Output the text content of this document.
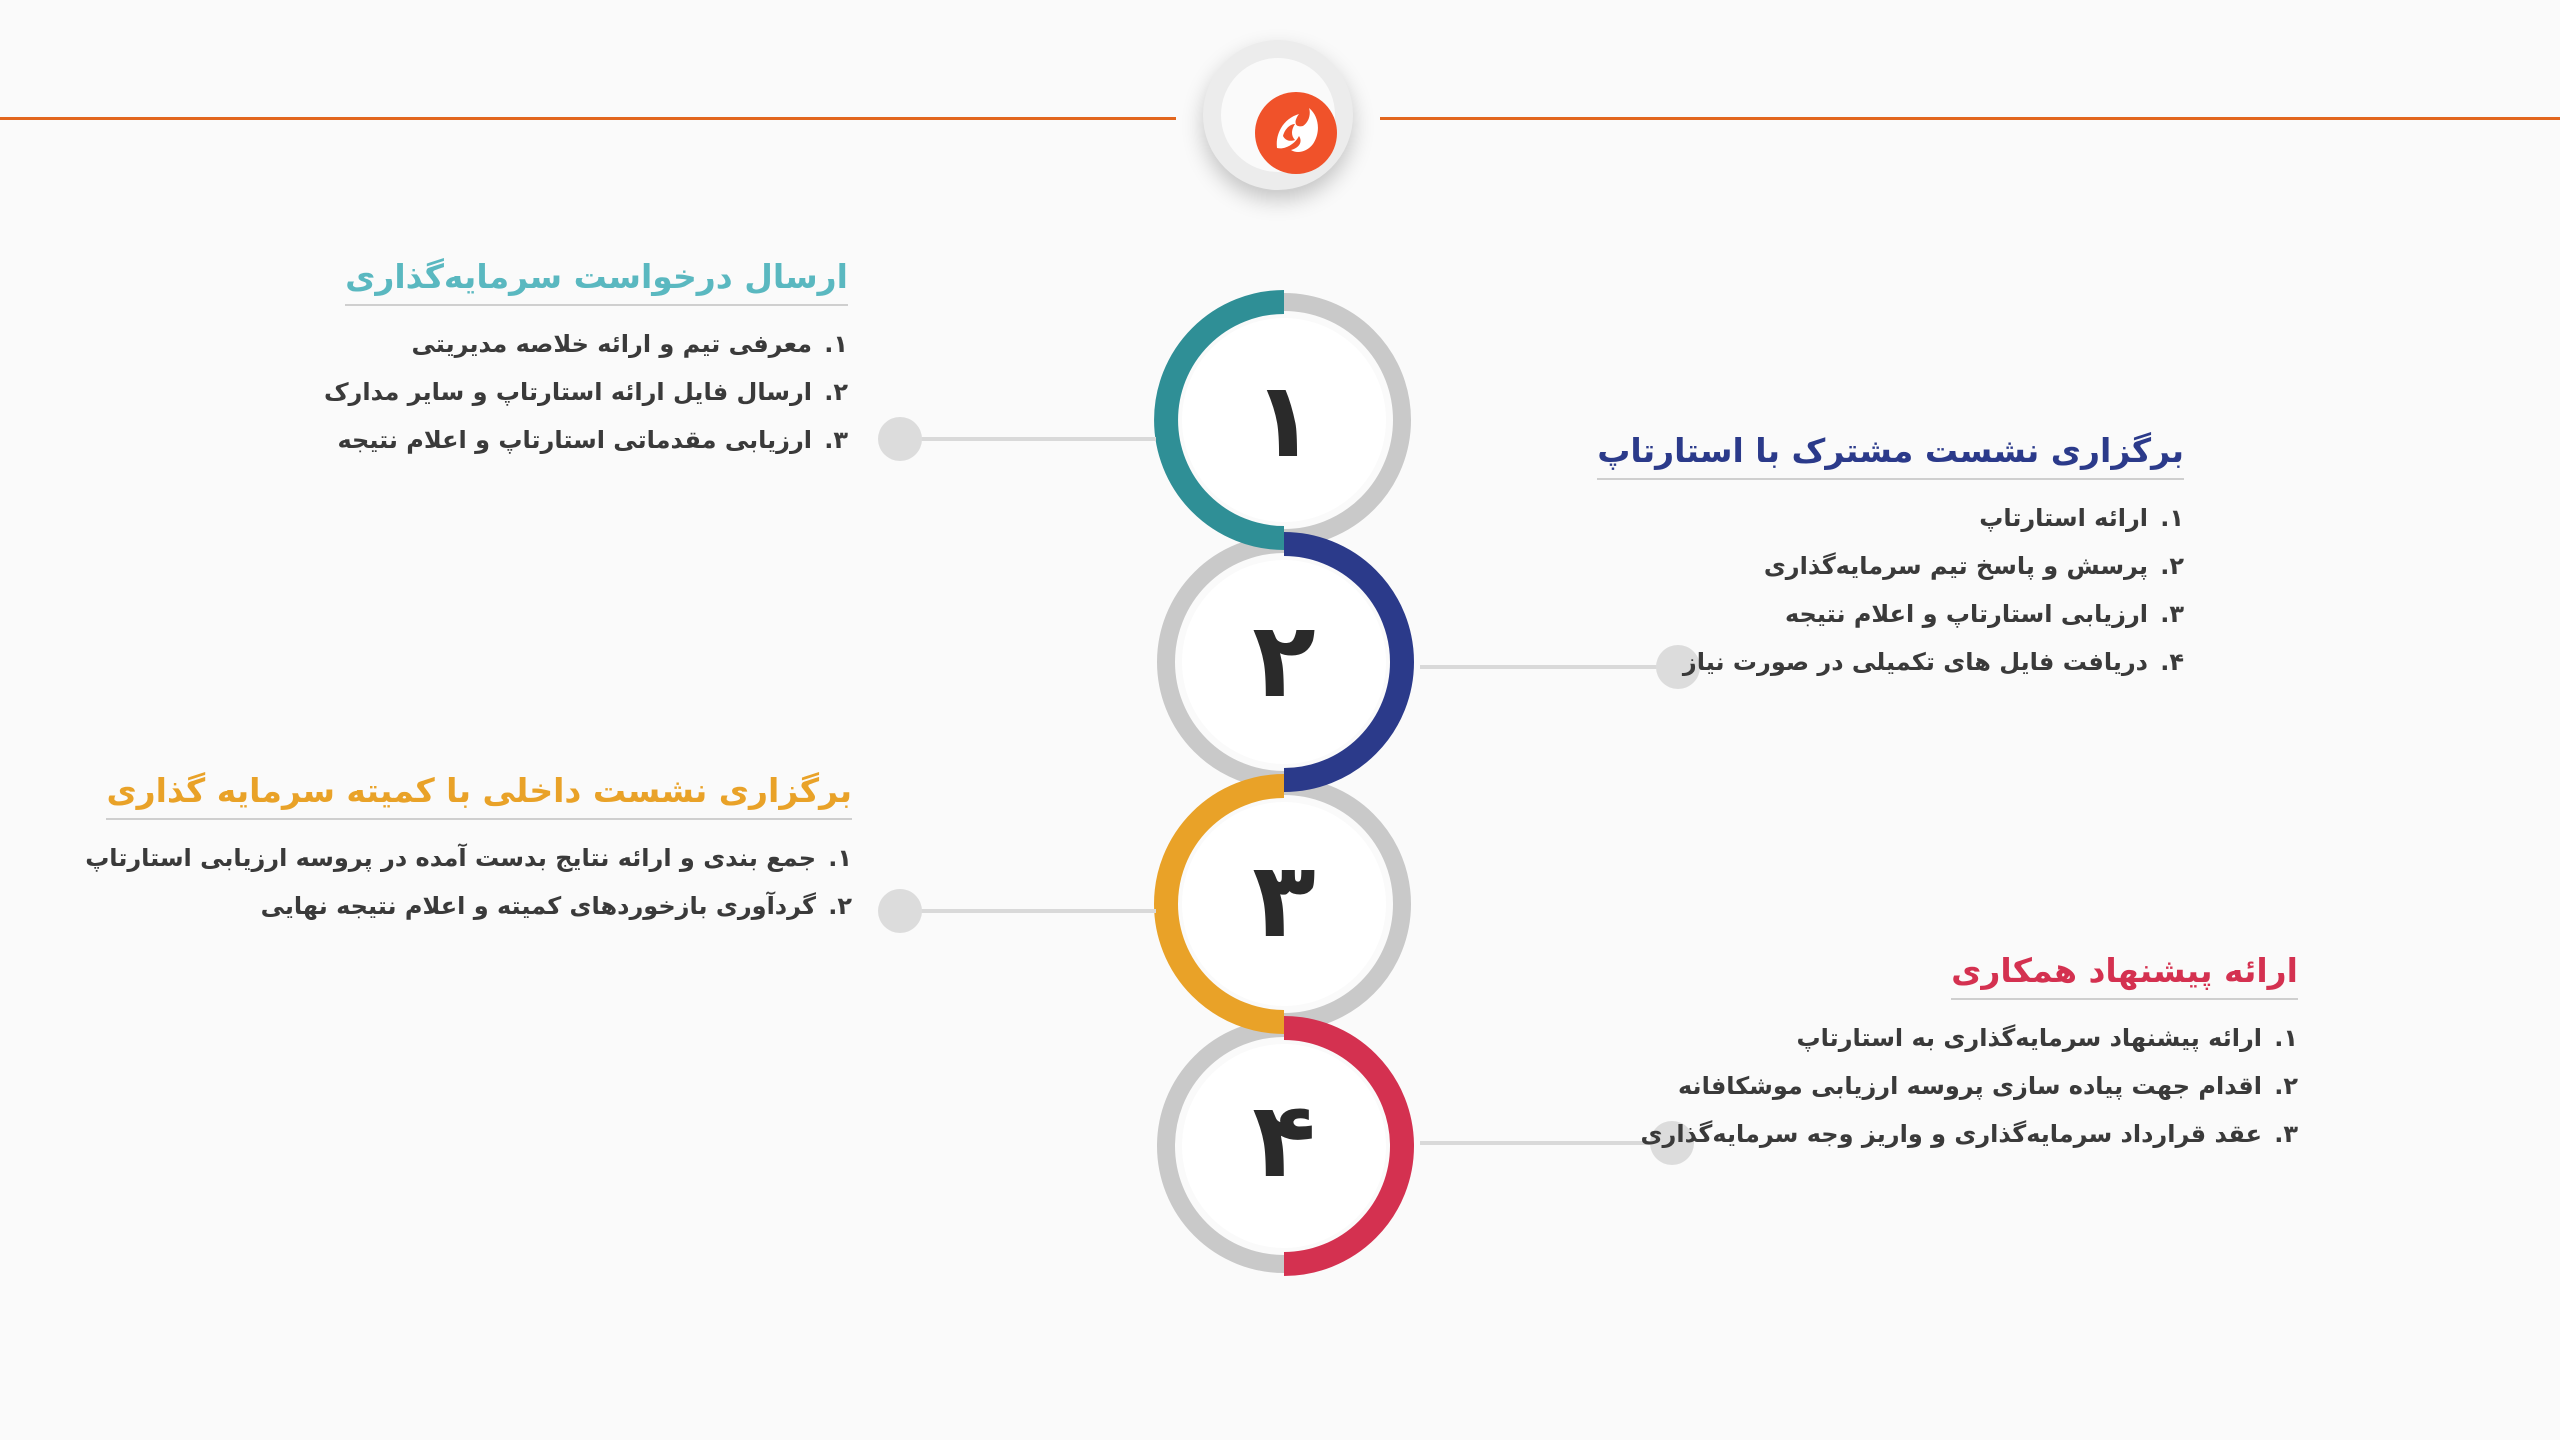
۱
۲
۳
۴
ارسال درخواست سرمایه‌گذاری
۱.معرفی تیم و ارائه خلاصه مدیریتی
۲.ارسال فایل ارائه استارتاپ و سایر مدارک
۳.ارزیابی مقدماتی استارتاپ و اعلام نتیجه	برگزاری نشست مشترک با استارتاپ
۱.ارائه استارتاپ
۲.پرسش و پاسخ تیم سرمایه‌گذاری
۳.ارزیابی استارتاپ و اعلام نتیجه
۴.دریافت فایل های تکمیلی در صورت نیاز
برگزاری نشست داخلی با کمیته سرمایه گذاری
۱.جمع بندی و ارائه نتایج بدست آمده در پروسه ارزیابی استارتاپ
۲.گردآوری بازخوردهای کمیته و اعلام نتیجه نهایی
ارائه پیشنهاد همکاری
۱.ارائه پیشنهاد سرمایه‌گذاری به استارتاپ
۲.اقدام جهت پیاده سازی پروسه ارزیابی موشکافانه
۳.عقد قرارداد سرمایه‌گذاری و واریز وجه سرمایه‌گذاری
